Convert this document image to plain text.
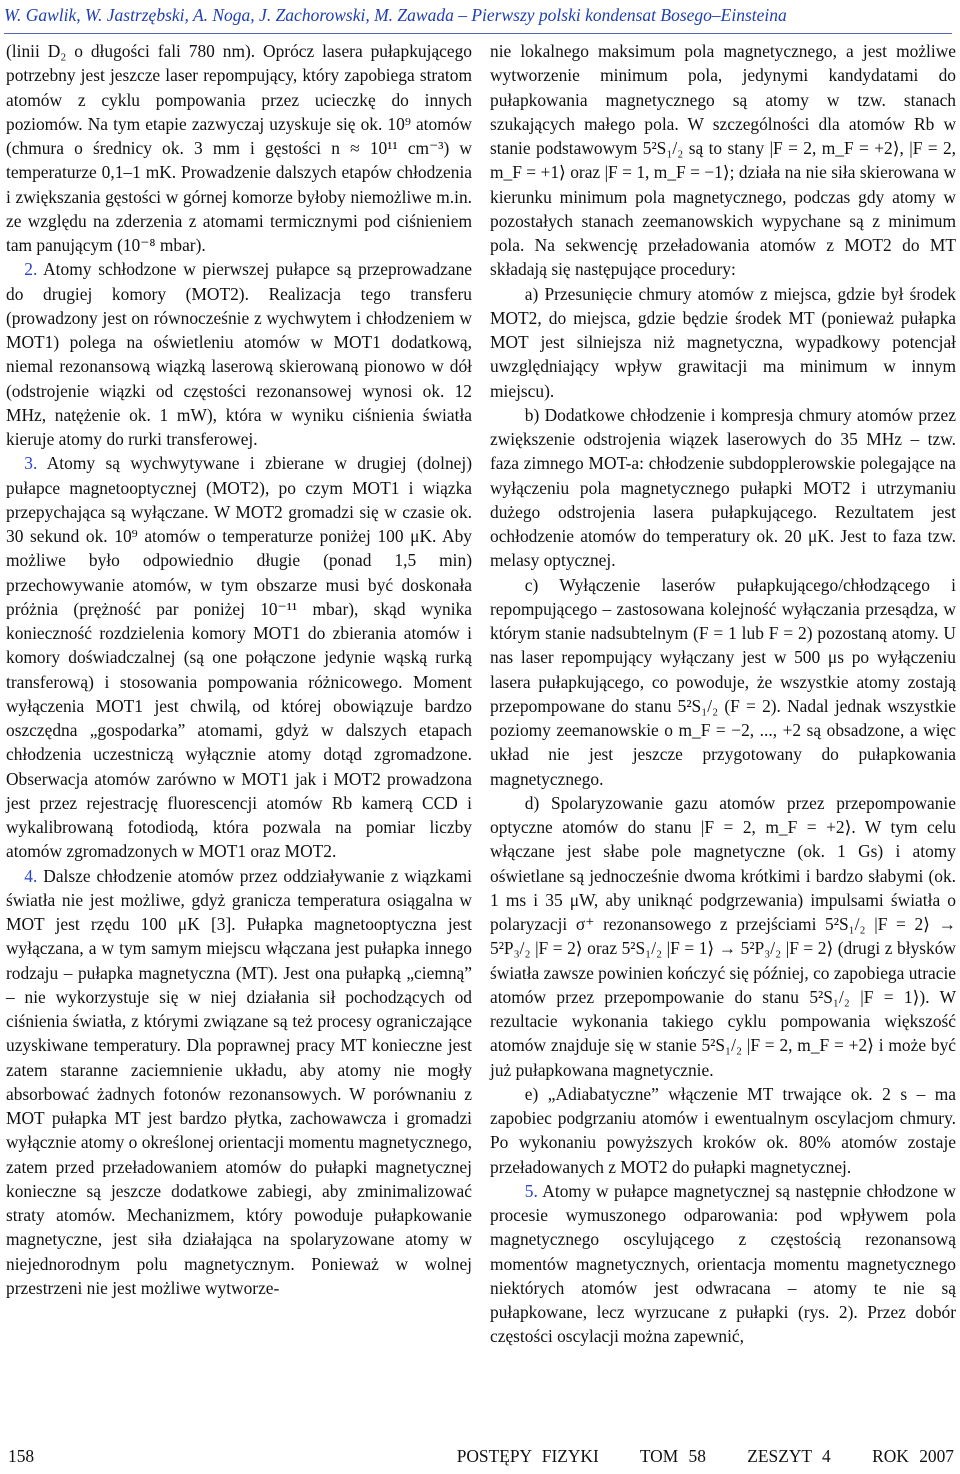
W. Gawlik, W. Jastrzębski, A. Noga, J. Zachorowski, M. Zawada – Pierwszy polski kondensat Bosego–Einsteina

(linii D₂ o długości fali 780 nm). Oprócz lasera pułapkującego potrzebny jest jeszcze laser repompujący, który zapobiega stratom atomów z cyklu pompowania przez ucieczkę do innych poziomów. Na tym etapie zazwyczaj uzyskuje się ok. 10⁹ atomów (chmura o średnicy ok. 3 mm i gęstości n ≈ 10¹¹ cm⁻³) w temperaturze 0,1–1 mK. Prowadzenie dalszych etapów chłodzenia i zwiększania gęstości w górnej komorze byłoby niemożliwe m.in. ze względu na zderzenia z atomami termicznymi pod ciśnieniem tam panującym (10⁻⁸ mbar).

2. Atomy schłodzone w pierwszej pułapce są przeprowadzane do drugiej komory (MOT2). Realizacja tego transferu (prowadzony jest on równocześnie z wychwytem i chłodzeniem w MOT1) polega na oświetleniu atomów w MOT1 dodatkową, niemal rezonansową wiązką laserową skierowaną pionowo w dół (odstrojenie wiązki od częstości rezonansowej wynosi ok. 12 MHz, natężenie ok. 1 mW), która w wyniku ciśnienia światła kieruje atomy do rurki transferowej.

3. Atomy są wychwytywane i zbierane w drugiej (dolnej) pułapce magnetooptycznej (MOT2), po czym MOT1 i wiązka przepychająca są wyłączane. W MOT2 gromadzi się w czasie ok. 30 sekund ok. 10⁹ atomów o temperaturze poniżej 100 μK. Aby możliwe było odpowiednio długie (ponad 1,5 min) przechowywanie atomów, w tym obszarze musi być doskonała próżnia (prężność par poniżej 10⁻¹¹ mbar), skąd wynika konieczność rozdzielenia komory MOT1 do zbierania atomów i komory doświadczalnej (są one połączone jedynie wąską rurką transferową) i stosowania pompowania różnicowego. Moment wyłączenia MOT1 jest chwilą, od której obowiązuje bardzo oszczędna „gospodarka” atomami, gdyż w dalszych etapach chłodzenia uczestniczą wyłącznie atomy dotąd zgromadzone. Obserwacja atomów zarówno w MOT1 jak i MOT2 prowadzona jest przez rejestrację fluorescencji atomów Rb kamerą CCD i wykalibrowaną fotodiodą, która pozwala na pomiar liczby atomów zgromadzonych w MOT1 oraz MOT2.

4. Dalsze chłodzenie atomów przez oddziaływanie z wiązkami światła nie jest możliwe, gdyż granicza temperatura osiągalna w MOT jest rzędu 100 μK [3]. Pułapka magnetooptyczna jest wyłączana, a w tym samym miejscu włączana jest pułapka innego rodzaju – pułapka magnetyczna (MT). Jest ona pułapką „ciemną” – nie wykorzystuje się w niej działania sił pochodzących od ciśnienia światła, z którymi związane są też procesy ograniczające uzyskiwane temperatury. Dla poprawnej pracy MT konieczne jest zatem staranne zaciemnienie układu, aby atomy nie mogły absorbować żadnych fotonów rezonansowych. W porównaniu z MOT pułapka MT jest bardzo płytka, zachowawcza i gromadzi wyłącznie atomy o określonej orientacji momentu magnetycznego, zatem przed przeładowaniem atomów do pułapki magnetycznej konieczne są jeszcze dodatkowe zabiegi, aby zminimalizować straty atomów. Mechanizmem, który powoduje pułapkowanie magnetyczne, jest siła działająca na spolaryzowane atomy w niejednorodnym polu magnetycznym. Ponieważ w wolnej przestrzeni nie jest możliwe wytworze-

nie lokalnego maksimum pola magnetycznego, a jest możliwe wytworzenie minimum pola, jedynymi kandydatami do pułapkowania magnetycznego są atomy w tzw. stanach szukających małego pola. W szczególności dla atomów Rb w stanie podstawowym 5²S₁/₂ są to stany |F = 2, m_F = +2⟩, |F = 2, m_F = +1⟩ oraz |F = 1, m_F = −1⟩; działa na nie siła skierowana w kierunku minimum pola magnetycznego, podczas gdy atomy w pozostałych stanach zeemanowskich wypychane są z minimum pola. Na sekwencję przeładowania atomów z MOT2 do MT składają się następujące procedury:

a) Przesunięcie chmury atomów z miejsca, gdzie był środek MOT2, do miejsca, gdzie będzie środek MT (ponieważ pułapka MOT jest silniejsza niż magnetyczna, wypadkowy potencjał uwzględniający wpływ grawitacji ma minimum w innym miejscu).

b) Dodatkowe chłodzenie i kompresja chmury atomów przez zwiększenie odstrojenia wiązek laserowych do 35 MHz – tzw. faza zimnego MOT-a: chłodzenie subdopplerowskie polegające na wyłączeniu pola magnetycznego pułapki MOT2 i utrzymaniu dużego odstrojenia lasera pułapkującego. Rezultatem jest ochłodzenie atomów do temperatury ok. 20 μK. Jest to faza tzw. melasy optycznej.

c) Wyłączenie laserów pułapkującego/chłodzącego i repompującego – zastosowana kolejność wyłączania przesądza, w którym stanie nadsubtelnym (F = 1 lub F = 2) pozostaną atomy. U nas laser repompujący wyłączany jest w 500 μs po wyłączeniu lasera pułapkującego, co powoduje, że wszystkie atomy zostają przepompowane do stanu 5²S₁/₂ (F = 2). Nadal jednak wszystkie poziomy zeemanowskie o m_F = −2, ..., +2 są obsadzone, a więc układ nie jest jeszcze przygotowany do pułapkowania magnetycznego.

d) Spolaryzowanie gazu atomów przez przepompowanie optyczne atomów do stanu |F = 2, m_F = +2⟩. W tym celu włączane jest słabe pole magnetyczne (ok. 1 Gs) i atomy oświetlane są jednocześnie dwoma krótkimi i bardzo słabymi (ok. 1 ms i 35 μW, aby uniknąć podgrzewania) impulsami światła o polaryzacji σ⁺ rezonansowego z przejściami 5²S₁/₂ |F = 2⟩ → 5²P₃/₂ |F = 2⟩ oraz 5²S₁/₂ |F = 1⟩ → 5²P₃/₂ |F = 2⟩ (drugi z błysków światła zawsze powinien kończyć się później, co zapobiega utracie atomów przez przepompowanie do stanu 5²S₁/₂ |F = 1⟩). W rezultacie wykonania takiego cyklu pompowania większość atomów znajduje się w stanie 5²S₁/₂ |F = 2, m_F = +2⟩ i może być już pułapkowana magnetycznie.

e) „Adiabatyczne” włączenie MT trwające ok. 2 s – ma zapobiec podgrzaniu atomów i ewentualnym oscylacjom chmury. Po wykonaniu powyższych kroków ok. 80% atomów zostaje przeładowanych z MOT2 do pułapki magnetycznej.

5. Atomy w pułapce magnetycznej są następnie chłodzone w procesie wymuszonego odparowania: pod wpływem pola magnetycznego oscylującego z częstością rezonansową momentów magnetycznych, orientacja momentu magnetycznego niektórych atomów jest odwracana – atomy te nie są pułapkowane, lecz wyrzucane z pułapki (rys. 2). Przez dobór częstości oscylacji można zapewnić,

158	POSTĘPY FIZYKI    TOM 58    ZESZYT 4    ROK 2007
